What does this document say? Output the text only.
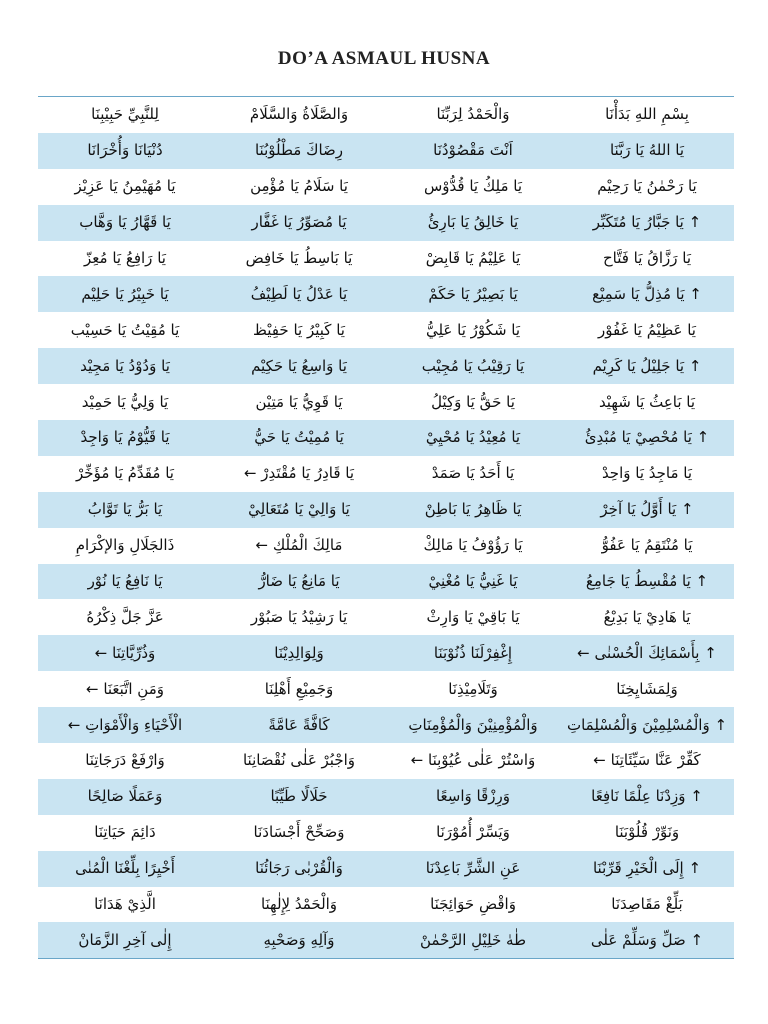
DO’A ASMAUL HUSNA
بِسْمِ اللهِ بَدَأْنَا
وَالْحَمْدُ لِرَبِّنَا
وَالصَّلَاةُ وَالسَّلَامْ
لِلنَّبِيِّ حَبِيْبِنَا
يَا اللهُ يَا رَبَّنَا
اَنْتَ مَقْصُوْدُنَا
رِضَاكَ مَطْلُوْبُنَا
دُنْيَانَا وَأُخْرَانَا
يَا رَحْمٰنُ يَا رَحِيْم
يَا مَلِكُ يَا قُدُّوْس
يَا سَلَامُ يَا مُؤْمِن
يَا مُهَيْمِنُ يَا عَزِيْز
↑ يَا جَبَّارُ يَا مُتَكَبِّر
يَا خَالِقُ يَا بَارِئُ
يَا مُصَوِّرُ يَا غَفَّار
يَا قَهَّارُ يَا وَهَّاب
يَا رَزَّاقُ يَا فَتَّاح
يَا عَلِيْمُ يَا قَابِضْ
يَا بَاسِطُ يَا خَافِض
يَا رَافِعُ يَا مُعِزّ
↑ يَا مُذِلُّ يَا سَمِيْع
يَا بَصِيْرُ يَا حَكَمْ
يَا عَدْلُ يَا لَطِيْفُ
يَا خَبِيْرُ يَا حَلِيْم
يَا عَظِيْمُ يَا غَفُوْر
يَا شَكُوْرُ يَا عَلِيُّ
يَا كَبِيْرُ يَا حَفِيْظ
يَا مُقِيْتُ يَا حَسِيْب
↑ يَا جَلِيْلُ يَا كَرِيْم
يَا رَقِيْبُ يَا مُجِيْب
يَا وَاسِعُ يَا حَكِيْم
يَا وَدُوْدُ يَا مَجِيْد
يَا بَاعِثُ يَا شَهِيْد
يَا حَقُّ يَا وَكِيْلُ
يَا قَوِيُّ يَا مَتِيْن
يَا وَلِيُّ يَا حَمِيْد
↑ يَا مُحْصِيْ يَا مُبْدِئُ
يَا مُعِيْدُ يَا مُحْيِيْ
يَا مُمِيْتُ يَا حَيُّ
يَا قَيُّوْمُ يَا وَاجِدْ
يَا مَاجِدُ يَا وَاحِدْ
يَا أَحَدُ يَا صَمَدْ
يَا قَادِرُ يَا مُقْتَدِرْ ←
يَا مُقَدِّمُ يَا مُؤَخِّرْ
↑ يَا أَوَّلُ يَا آخِرْ
يَا ظَاهِرُ يَا بَاطِنْ
يَا وَالِيْ يَا مُتَعَالِيْ
يَا بَرُّ يَا تَوَّابُ
يَا مُنْتَقِمُ يَا عَفُوُّ
يَا رَؤُوْفُ يَا مَالِكْ
مَالِكَ الْمُلْكِ ←
ذَالجَلَالِ وَالإكْرَامِ
↑ يَا مُقْسِطُ يَا جَامِعُ
يَا غَنِيُّ يَا مُغْنِيْ
يَا مَانِعُ يَا ضَارُّ
يَا نَافِعُ يَا نُوْر
يَا هَادِيْ يَا بَدِيْعُ
يَا بَاقِيْ يَا وَارِثْ
يَا رَشِيْدُ يَا صَبُوْر
عَزَّ جَلَّ ذِكْرُهُ
↑ بِأَسْمَائِكَ الْحُسْنٰى ←
إِغْفِرْلَنَا ذُنُوْبَنَا
وَلِوَالِدِيْنَا
وَذُرِّيَّاتِنَا ←
وَلِمَشَايِخِنَا
وَتَلَامِيْذِنَا
وَجَمِيْعِ أَهْلِنَا
وَمَنِ اتَّبَعَنَا ←
↑ وَالْمُسْلِمِيْنَ وَالْمُسْلِمَاتِ
وَالْمُؤْمِنِيْنَ وَالْمُؤْمِنَاتِ
كَافَّةً عَامَّةً
الْأَحْيَاءِ وَالْأَمْوَاتِ ←
كَفِّرْ عَنَّا سَيِّئَاتِنَا ←
وَاسْتُرْ عَلٰى عُيُوْبِنَا ←
وَاجْبُرْ عَلٰى نُقْصَانِنَا
وَارْفَعْ دَرَجَاتِنَا
↑ وَزِدْنَا عِلْمًا نَافِعًا
وَرِزْقًا وَاسِعًا
حَلَالًا طَيِّبًا
وَعَمَلًا صَالِحًا
وَنَوِّرْ قُلُوْبَنَا
وَيَسِّرْ أُمُوْرَنَا
وَصَحِّحْ أَجْسَادَنَا
دَائِمَ حَيَاتِنَا
↑ إِلَى الْخَيْرِ قَرِّبْنَا
عَنِ الشَّرِّ بَاعِدْنَا
وَالْقُرْبٰى رَجَائُنَا
أَخْيِرًا بِلِّغْنَا الْمُنٰى
بَلِّغْ مَقَاصِدَنَا
وَاقْضِ حَوَائِجَنَا
وَالْحَمْدُ لِإِلٰهِنَا
الَّذِيْ هَدَانَا
↑ صَلِّ وَسَلِّمْ عَلٰى
طٰهٰ خَلِيْلِ الرَّحْمٰنْ
وَآلِهِ وَصَحْبِهِ
إِلٰى آخِرِ الزَّمَانْ
